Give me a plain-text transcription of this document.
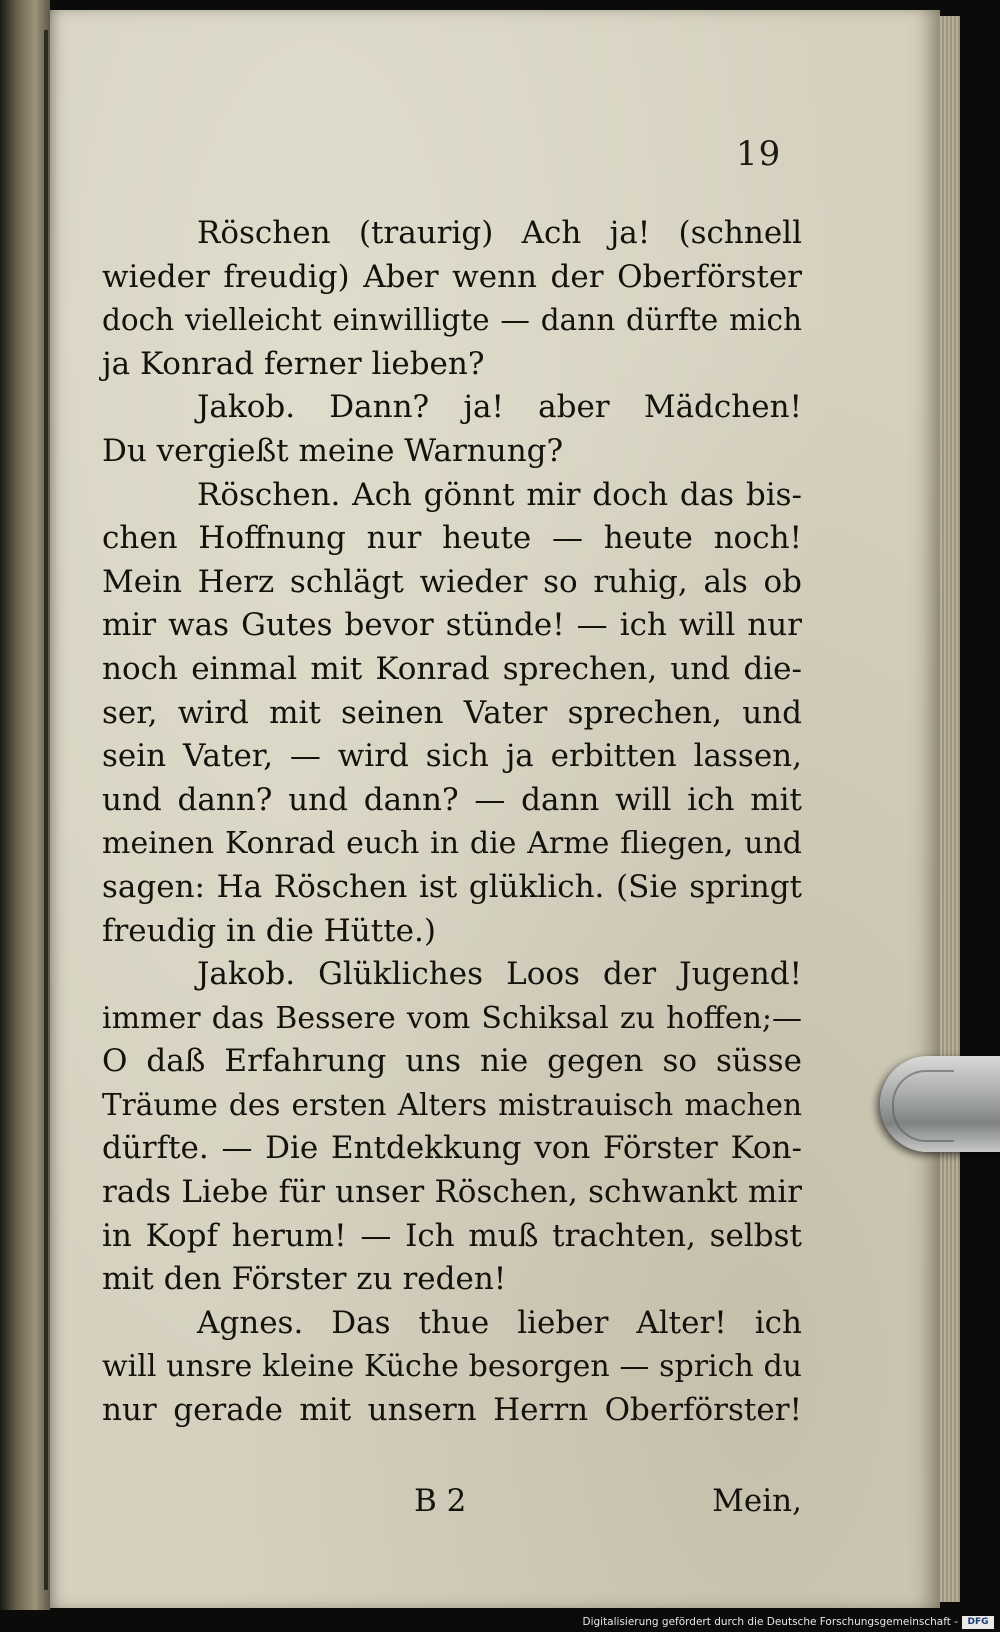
19
Röschen (traurig) Ach ja! (schnell
wieder freudig) Aber wenn der Oberförster
doch vielleicht einwilligte — dann dürfte mich
ja Konrad ferner lieben?
Jakob. Dann? ja! aber Mädchen!
Du vergießt meine Warnung?
Röschen. Ach gönnt mir doch das bis-
chen Hoffnung nur heute — heute noch!
Mein Herz schlägt wieder so ruhig, als ob
mir was Gutes bevor stünde! — ich will nur
noch einmal mit Konrad sprechen, und die-
ser, wird mit seinen Vater sprechen, und
sein Vater, — wird sich ja erbitten lassen,
und dann? und dann? — dann will ich mit
meinen Konrad euch in die Arme fliegen, und
sagen: Ha Röschen ist glüklich. (Sie springt
freudig in die Hütte.)
Jakob. Glükliches Loos der Jugend!
immer das Bessere vom Schiksal zu hoffen;—
O daß Erfahrung uns nie gegen so süsse
Träume des ersten Alters mistrauisch machen
dürfte. — Die Entdekkung von Förster Kon-
rads Liebe für unser Röschen, schwankt mir
in Kopf herum! — Ich muß trachten, selbst
mit den Förster zu reden!
Agnes. Das thue lieber Alter! ich
will unsre kleine Küche besorgen — sprich du
nur gerade mit unsern Herrn Oberförster!
B 2	Mein,
Digitalisierung gefördert durch die Deutsche Forschungsgemeinschaft -	DFG
